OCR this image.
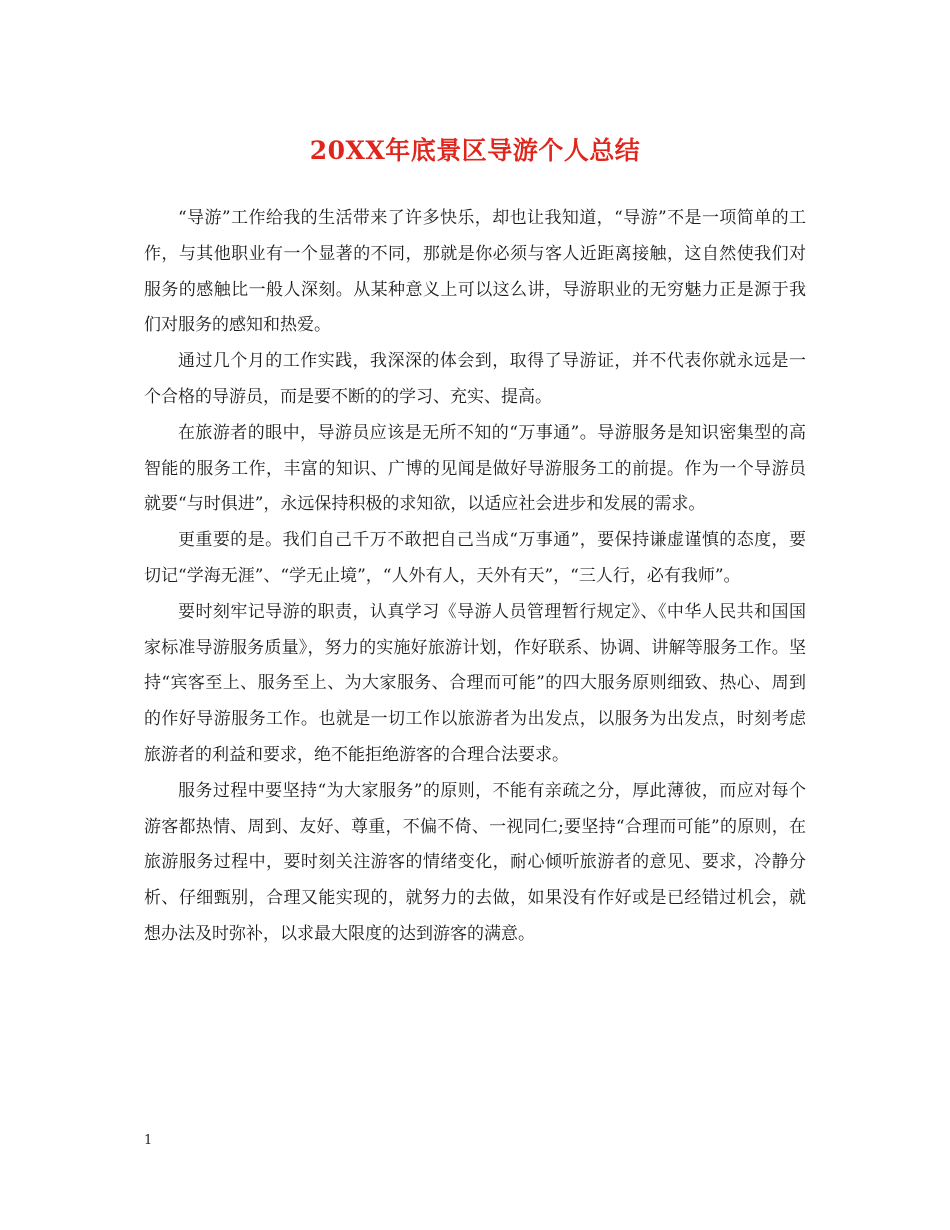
20XX年底景区导游个人总结

“导游”工作给我的生活带来了许多快乐，却也让我知道，“导游”不是一项简单的工作，与其他职业有一个显著的不同，那就是你必须与客人近距离接触，这自然使我们对服务的感触比一般人深刻。从某种意义上可以这么讲，导游职业的无穷魅力正是源于我们对服务的感知和热爱。

通过几个月的工作实践，我深深的体会到，取得了导游证，并不代表你就永远是一个合格的导游员，而是要不断的的学习、充实、提高。

在旅游者的眼中，导游员应该是无所不知的“万事通”。导游服务是知识密集型的高智能的服务工作，丰富的知识、广博的见闻是做好导游服务工的前提。作为一个导游员就要“与时俱进”，永远保持积极的求知欲，以适应社会进步和发展的需求。

更重要的是。我们自己千万不敢把自己当成“万事通”，要保持谦虚谨慎的态度，要切记“学海无涯”、“学无止境”，“人外有人，天外有天”，“三人行，必有我师”。

要时刻牢记导游的职责，认真学习《导游人员管理暂行规定》、《中华人民共和国国家标准导游服务质量》，努力的实施好旅游计划，作好联系、协调、讲解等服务工作。坚持“宾客至上、服务至上、为大家服务、合理而可能”的四大服务原则细致、热心、周到的作好导游服务工作。也就是一切工作以旅游者为出发点，以服务为出发点，时刻考虑旅游者的利益和要求，绝不能拒绝游客的合理合法要求。

服务过程中要坚持“为大家服务”的原则，不能有亲疏之分，厚此薄彼，而应对每个游客都热情、周到、友好、尊重，不偏不倚、一视同仁;要坚持“合理而可能”的原则，在旅游服务过程中，要时刻关注游客的情绪变化，耐心倾听旅游者的意见、要求，冷静分析、仔细甄别，合理又能实现的，就努力的去做，如果没有作好或是已经错过机会，就想办法及时弥补，以求最大限度的达到游客的满意。

1
